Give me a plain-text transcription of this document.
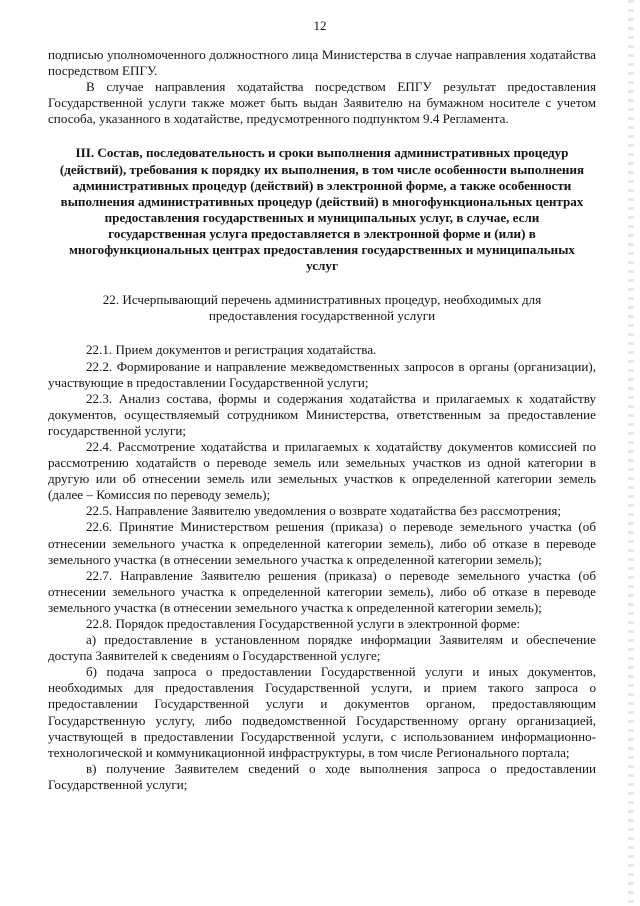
12

подписью уполномоченного должностного лица Министерства в случае направления ходатайства посредством ЕПГУ.

В случае направления ходатайства посредством ЕПГУ результат предоставления Государственной услуги также может быть выдан Заявителю на бумажном носителе с учетом способа, указанного в ходатайстве, предусмотренного подпунктом 9.4 Регламента.

III. Состав, последовательность и сроки выполнения административных процедур (действий), требования к порядку их выполнения, в том числе особенности выполнения административных процедур (действий) в электронной форме, а также особенности выполнения административных процедур (действий) в многофункциональных центрах предоставления государственных и муниципальных услуг, в случае, если государственная услуга предоставляется в электронной форме и (или) в многофункциональных центрах предоставления государственных и муниципальных услуг

22. Исчерпывающий перечень административных процедур, необходимых для предоставления государственной услуги

22.1. Прием документов и регистрация ходатайства.

22.2. Формирование и направление межведомственных запросов в органы (организации), участвующие в предоставлении Государственной услуги;

22.3. Анализ состава, формы и содержания ходатайства и прилагаемых к ходатайству документов, осуществляемый сотрудником Министерства, ответственным за предоставление государственной услуги;

22.4. Рассмотрение ходатайства и прилагаемых к ходатайству документов комиссией по рассмотрению ходатайств о переводе земель или земельных участков из одной категории в другую или об отнесении земель или земельных участков к определенной категории земель (далее – Комиссия по переводу земель);

22.5. Направление Заявителю уведомления о возврате ходатайства без рассмотрения;

22.6. Принятие Министерством решения (приказа) о переводе земельного участка (об отнесении земельного участка к определенной категории земель), либо об отказе в переводе земельного участка (в отнесении земельного участка к определенной категории земель);

22.7. Направление Заявителю решения (приказа) о переводе земельного участка (об отнесении земельного участка к определенной категории земель), либо об отказе в переводе земельного участка (в отнесении земельного участка к определенной категории земель);

22.8. Порядок предоставления Государственной услуги в электронной форме:

а) предоставление в установленном порядке информации Заявителям и обеспечение доступа Заявителей к сведениям о Государственной услуге;

б) подача запроса о предоставлении Государственной услуги и иных документов, необходимых для предоставления Государственной услуги, и прием такого запроса о предоставлении Государственной услуги и документов органом, предоставляющим Государственную услугу, либо подведомственной Государственному органу организацией, участвующей в предоставлении Государственной услуги, с использованием информационно-технологической и коммуникационной инфраструктуры, в том числе Регионального портала;

в) получение Заявителем сведений о ходе выполнения запроса о предоставлении Государственной услуги;
